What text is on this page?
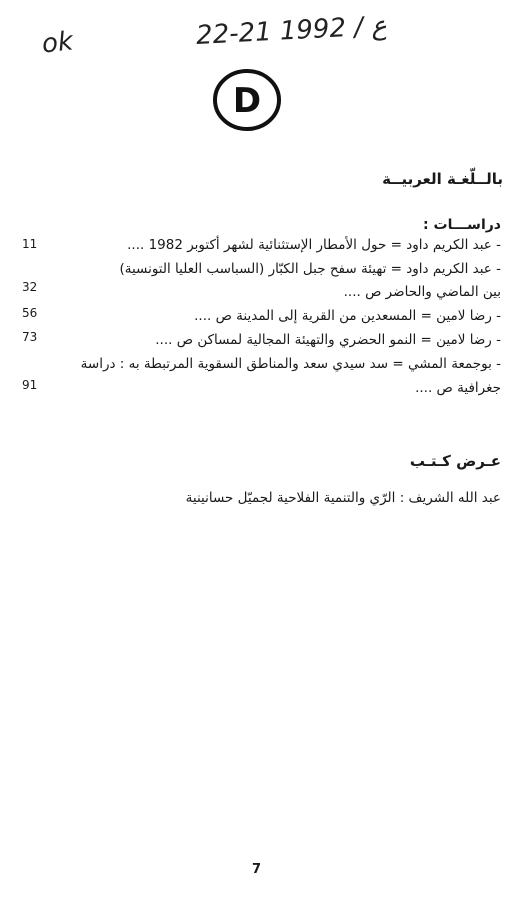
ok	22-21 ع / 1992
D
بالــلّغـة العربيــة
دراســـات :
- عبد الكريم داود = حول الأمطار الإستثنائية لشهر أكتوبر 1982 ....
11
- عبد الكريم داود = تهيئة سفح جبل الكبّار (السباسب العليا التونسية)
بين الماضي والحاضر ص ....
32
- رضا لامين = المسعدين من القرية إلى المدينة ص ....
56
- رضا لامين = النمو الحضري والتهيئة المجالية لمساكن ص ....
73
- بوجمعة المشي = سد سيدي سعد والمناطق السقوية المرتبطة به : دراسة
جغرافية ص ....
91
عـرض كـتـب
عبد الله الشريف : الرّي والتنمية الفلاحية لجميّل حسانينية
7
